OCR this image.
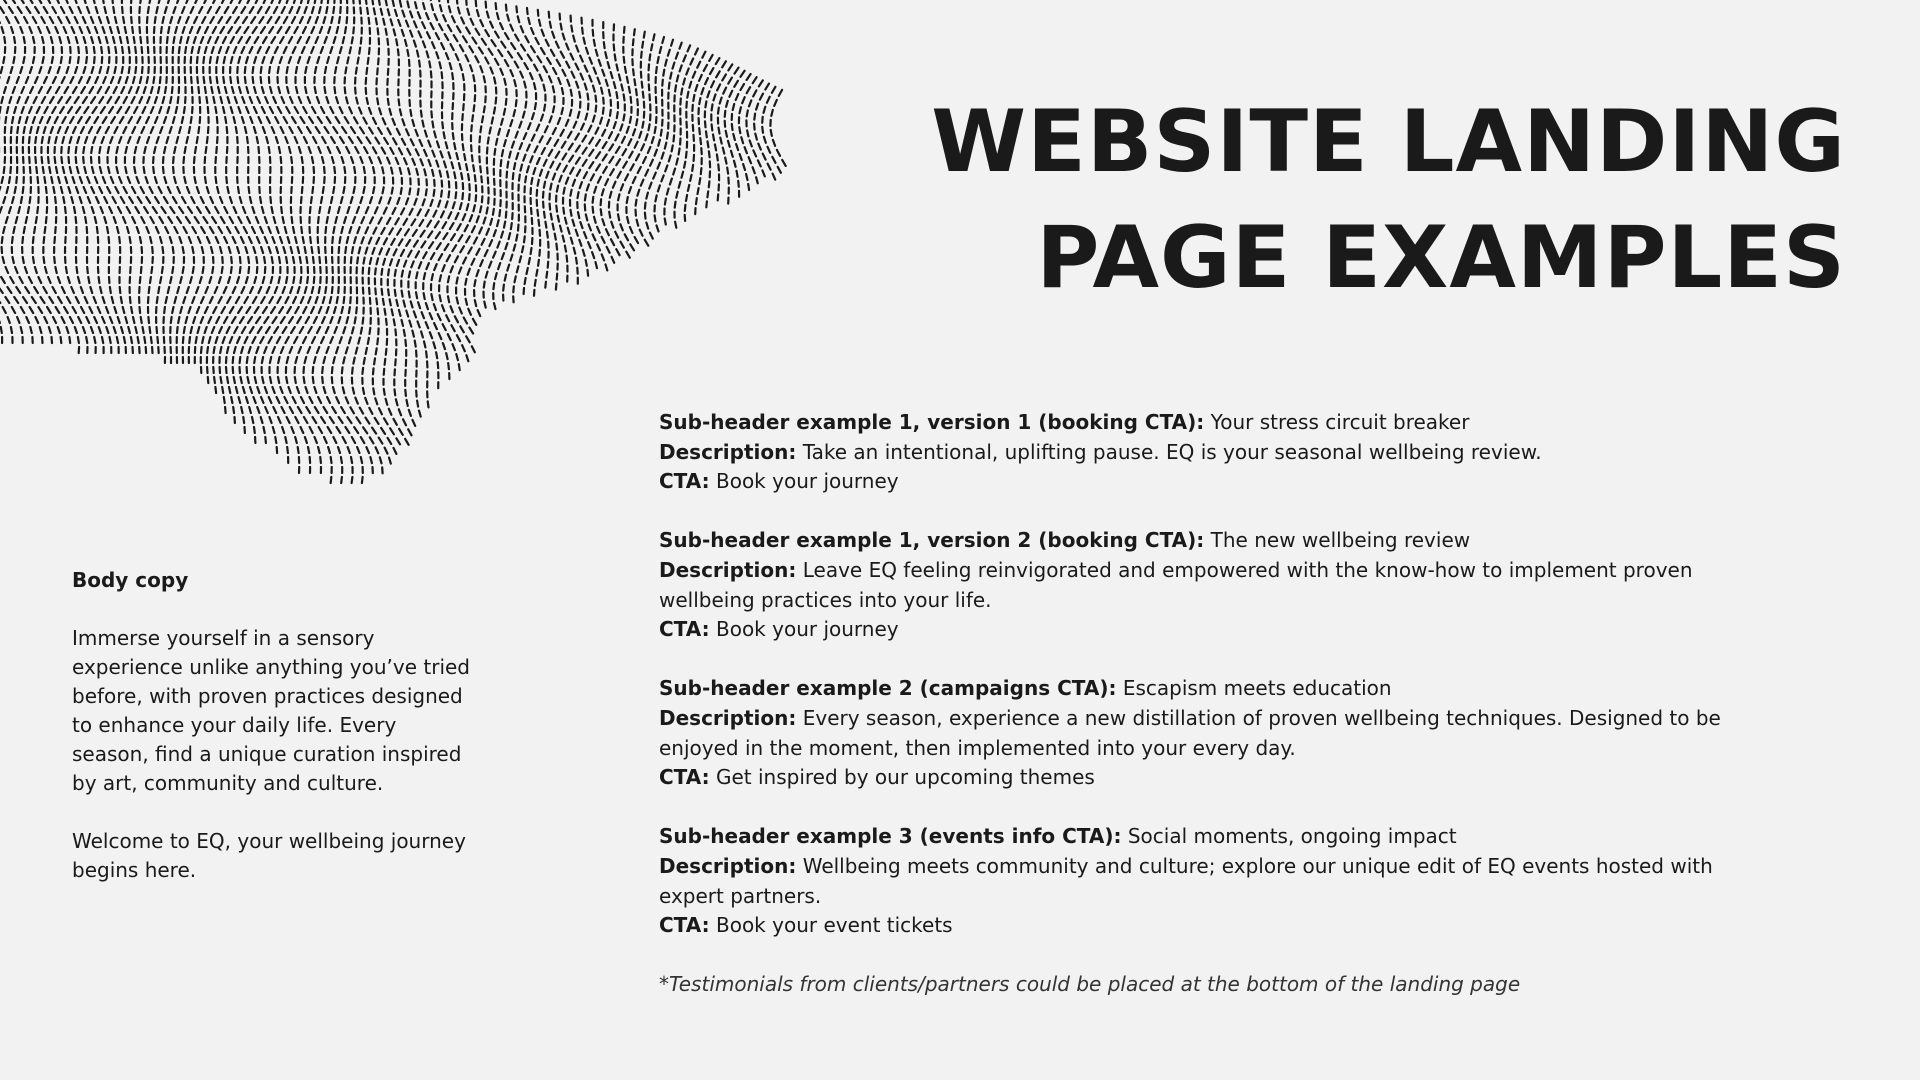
WEBSITE LANDING
PAGE EXAMPLES
Body copy

Immerse yourself in a sensory experience unlike anything you’ve tried before, with proven practices designed to enhance your daily life. Every season, find a unique curation inspired by art, community and culture.

Welcome to EQ, your wellbeing journey begins here.

Sub-header example 1, version 1 (booking CTA): Your stress circuit breaker
Description: Take an intentional, uplifting pause. EQ is your seasonal wellbeing review.
CTA: Book your journey
Sub-header example 1, version 2 (booking CTA): The new wellbeing review
Description: Leave EQ feeling reinvigorated and empowered with the know-how to implement proven wellbeing practices into your life.
CTA: Book your journey
Sub-header example 2 (campaigns CTA): Escapism meets education
Description: Every season, experience a new distillation of proven wellbeing techniques. Designed to be enjoyed in the moment, then implemented into your every day.
CTA: Get inspired by our upcoming themes
Sub-header example 3 (events info CTA): Social moments, ongoing impact
Description: Wellbeing meets community and culture; explore our unique edit of EQ events hosted with expert partners.
CTA: Book your event tickets
*Testimonials from clients/partners could be placed at the bottom of the landing page
